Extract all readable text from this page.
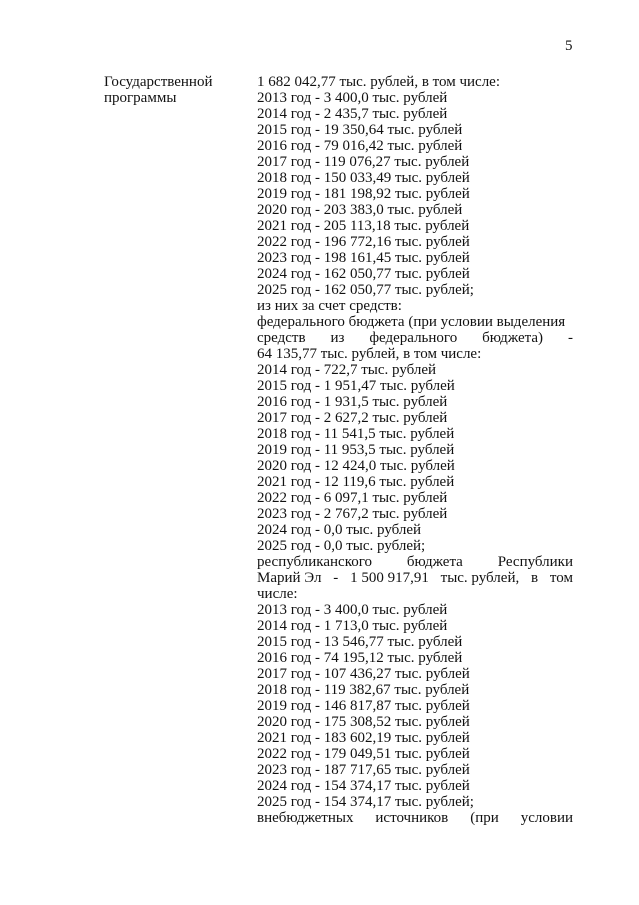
5
Государственной
программы
1 682 042,77 тыс. рублей, в том числе:
2013 год - 3 400,0 тыс. рублей
2014 год - 2 435,7 тыс. рублей
2015 год - 19 350,64 тыс. рублей
2016 год - 79 016,42 тыс. рублей
2017 год - 119 076,27 тыс. рублей
2018 год - 150 033,49 тыс. рублей
2019 год - 181 198,92 тыс. рублей
2020 год - 203 383,0 тыс. рублей
2021 год - 205 113,18 тыс. рублей
2022 год - 196 772,16 тыс. рублей
2023 год - 198 161,45 тыс. рублей
2024 год - 162 050,77 тыс. рублей
2025 год - 162 050,77 тыс. рублей;
из них за счет средств:
федерального бюджета (при условии выделения
средств из федерального бюджета) -
64 135,77 тыс. рублей, в том числе:
2014 год - 722,7 тыс. рублей
2015 год - 1 951,47 тыс. рублей
2016 год - 1 931,5 тыс. рублей
2017 год - 2 627,2 тыс. рублей
2018 год - 11 541,5 тыс. рублей
2019 год - 11 953,5 тыс. рублей
2020 год - 12 424,0 тыс. рублей
2021 год - 12 119,6 тыс. рублей
2022 год - 6 097,1 тыс. рублей
2023 год - 2 767,2 тыс. рублей
2024 год - 0,0 тыс. рублей
2025 год - 0,0 тыс. рублей;
республиканского бюджета Республики
Марий Эл - 1 500 917,91 тыс. рублей, в том
числе:
2013 год - 3 400,0 тыс. рублей
2014 год - 1 713,0 тыс. рублей
2015 год - 13 546,77 тыс. рублей
2016 год - 74 195,12 тыс. рублей
2017 год - 107 436,27 тыс. рублей
2018 год - 119 382,67 тыс. рублей
2019 год - 146 817,87 тыс. рублей
2020 год - 175 308,52 тыс. рублей
2021 год - 183 602,19 тыс. рублей
2022 год - 179 049,51 тыс. рублей
2023 год - 187 717,65 тыс. рублей
2024 год - 154 374,17 тыс. рублей
2025 год - 154 374,17 тыс. рублей;
внебюджетных источников (при условии
